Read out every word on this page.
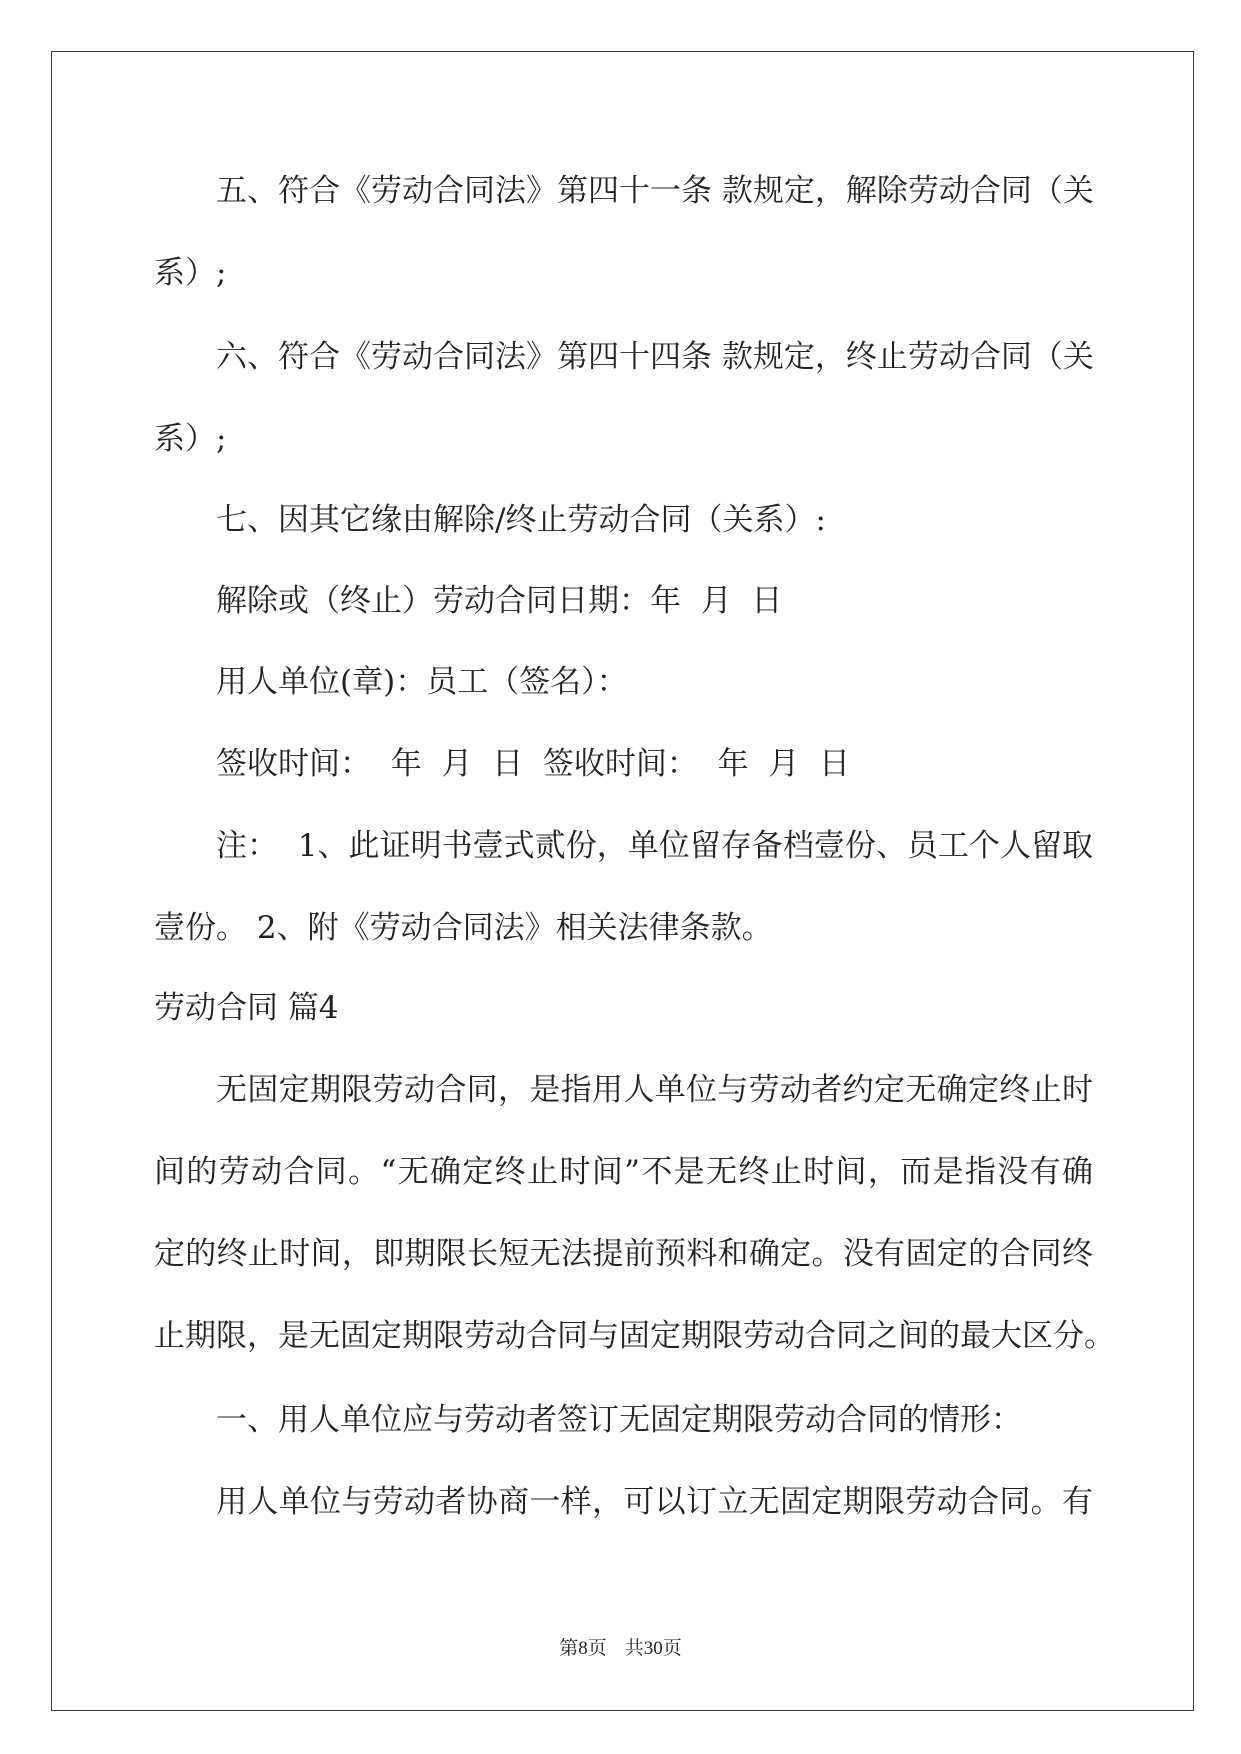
五、符合《劳动合同法》第四十一条 款规定，解除劳动合同（关
系）;
六、符合《劳动合同法》第四十四条 款规定，终止劳动合同（关
系）;
七、因其它缘由解除/终止劳动合同（关系）:
解除或（终止）劳动合同日期：年  月  日
用人单位(章)：员工（签名）：
签收时间：  年  月  日  签收时间：  年  月  日
注：  1、此证明书壹式贰份，单位留存备档壹份、员工个人留取
壹份。 2、附《劳动合同法》相关法律条款。
劳动合同 篇4
无固定期限劳动合同，是指用人单位与劳动者约定无确定终止时
间的劳动合同。“无确定终止时间”不是无终止时间，而是指没有确
定的终止时间，即期限长短无法提前预料和确定。没有固定的合同终
止期限，是无固定期限劳动合同与固定期限劳动合同之间的最大区分。
一、用人单位应与劳动者签订无固定期限劳动合同的情形：
用人单位与劳动者协商一样，可以订立无固定期限劳动合同。有
第8页 共30页
